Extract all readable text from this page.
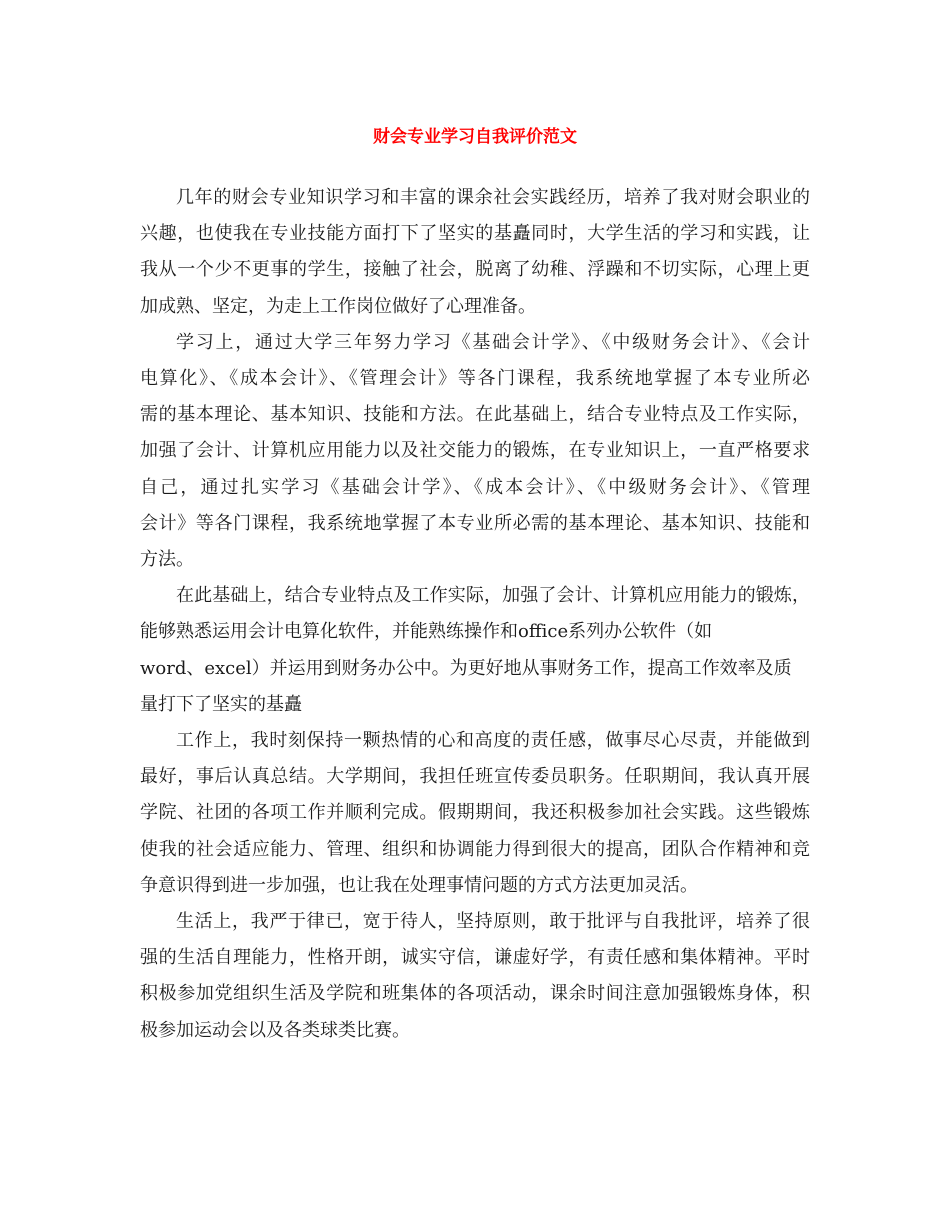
财会专业学习自我评价范文

几年的财会专业知识学习和丰富的课余社会实践经历，培养了我对财会职业的
兴趣，也使我在专业技能方面打下了坚实的基矗同时，大学生活的学习和实践，让
我从一个少不更事的学生，接触了社会，脱离了幼稚、浮躁和不切实际，心理上更
加成熟、坚定，为走上工作岗位做好了心理准备。

学习上，通过大学三年努力学习《基础会计学》、《中级财务会计》、《会计
电算化》、《成本会计》、《管理会计》等各门课程，我系统地掌握了本专业所必
需的基本理论、基本知识、技能和方法。在此基础上，结合专业特点及工作实际，
加强了会计、计算机应用能力以及社交能力的锻炼，在专业知识上，一直严格要求
自己，通过扎实学习《基础会计学》、《成本会计》、《中级财务会计》、《管理
会计》等各门课程，我系统地掌握了本专业所必需的基本理论、基本知识、技能和
方法。

在此基础上，结合专业特点及工作实际，加强了会计、计算机应用能力的锻炼，
能够熟悉运用会计电算化软件，并能熟练操作和office系列办公软件（如
word、excel）并运用到财务办公中。为更好地从事财务工作，提高工作效率及质
量打下了坚实的基矗

工作上，我时刻保持一颗热情的心和高度的责任感，做事尽心尽责，并能做到
最好，事后认真总结。大学期间，我担任班宣传委员职务。任职期间，我认真开展
学院、社团的各项工作并顺利完成。假期期间，我还积极参加社会实践。这些锻炼
使我的社会适应能力、管理、组织和协调能力得到很大的提高，团队合作精神和竞
争意识得到进一步加强，也让我在处理事情问题的方式方法更加灵活。

生活上，我严于律已，宽于待人，坚持原则，敢于批评与自我批评，培养了很
强的生活自理能力，性格开朗，诚实守信，谦虚好学，有责任感和集体精神。平时
积极参加党组织生活及学院和班集体的各项活动，课余时间注意加强锻炼身体，积
极参加运动会以及各类球类比赛。
